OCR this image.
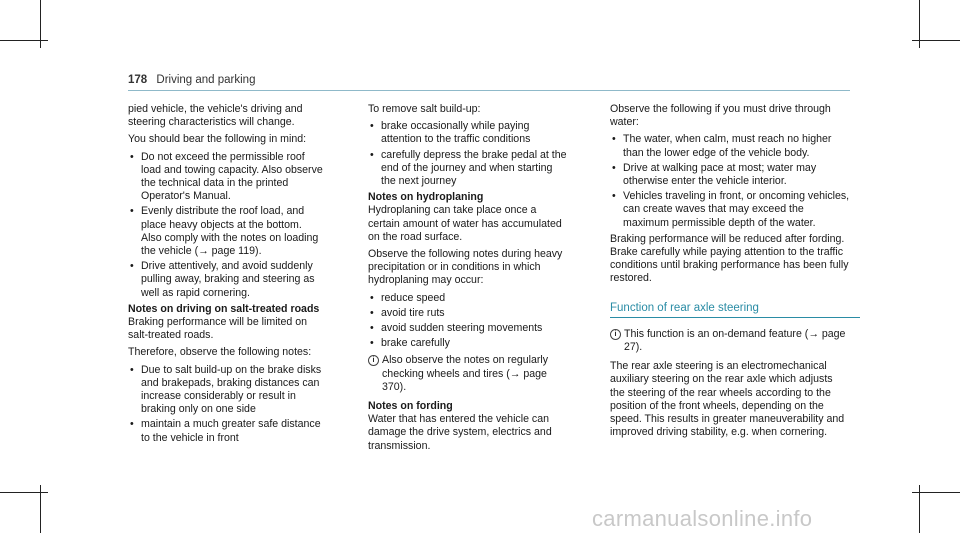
178 Driving and parking

pied vehicle, the vehicle's driving and steering characteristics will change.

You should bear the following in mind:

• Do not exceed the permissible roof load and towing capacity. Also observe the technical data in the printed Operator's Manual.
• Evenly distribute the roof load, and place heavy objects at the bottom. Also comply with the notes on loading the vehicle (→ page 119).
• Drive attentively, and avoid suddenly pulling away, braking and steering as well as rapid cornering.
Notes on driving on salt-treated roads

Braking performance will be limited on salt-treated roads.

Therefore, observe the following notes:

• Due to salt build-up on the brake disks and brakepads, braking distances can increase considerably or result in braking only on one side
• maintain a much greater safe distance to the vehicle in front

To remove salt build-up:

• brake occasionally while paying attention to the traffic conditions
• carefully depress the brake pedal at the end of the journey and when starting the next journey
Notes on hydroplaning

Hydroplaning can take place once a certain amount of water has accumulated on the road surface.

Observe the following notes during heavy precipitation or in conditions in which hydroplaning may occur:

• reduce speed
• avoid tire ruts
• avoid sudden steering movements
• brake carefully
i Also observe the notes on regularly checking wheels and tires (→ page 370).
Notes on fording

Water that has entered the vehicle can damage the drive system, electrics and transmission.

Observe the following if you must drive through water:

• The water, when calm, must reach no higher than the lower edge of the vehicle body.
• Drive at walking pace at most; water may otherwise enter the vehicle interior.
• Vehicles traveling in front, or oncoming vehicles, can create waves that may exceed the maximum permissible depth of the water.

Braking performance will be reduced after fording. Brake carefully while paying attention to the traffic conditions until braking performance has been fully restored.

Function of rear axle steering
i This function is an on-demand feature (→ page 27).

The rear axle steering is an electromechanical auxiliary steering on the rear axle which adjusts the steering of the rear wheels according to the position of the front wheels, depending on the speed. This results in greater maneuverability and improved driving stability, e.g. when cornering.

carmanualsonline.info
